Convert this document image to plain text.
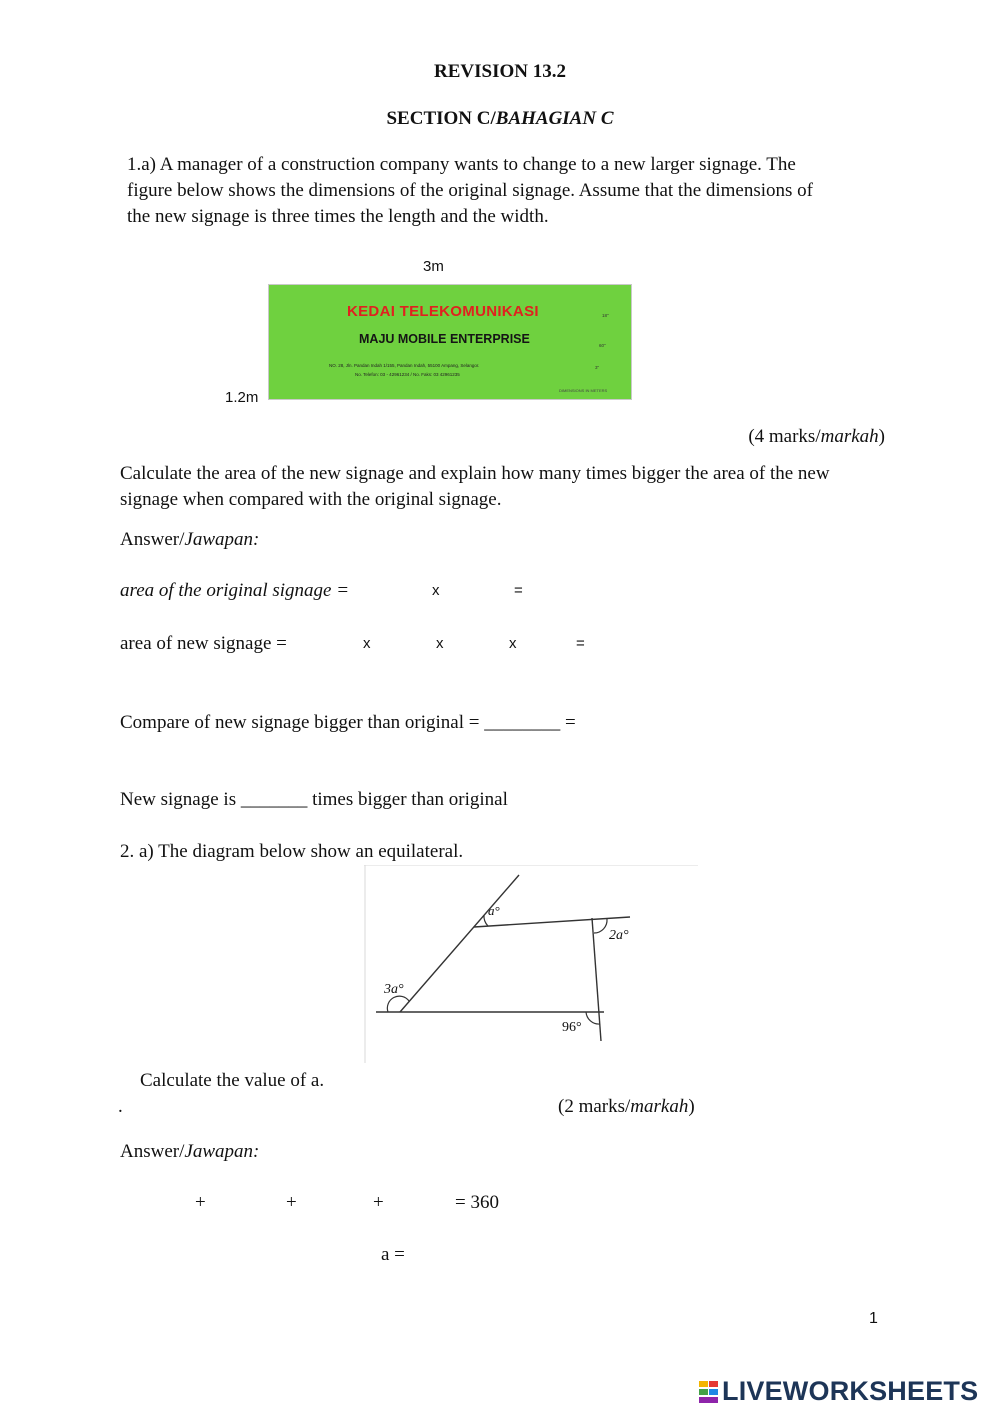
REVISION 13.2
SECTION C/BAHAGIAN C
1.a) A manager of a construction company wants to change to a new larger signage. The
figure below shows the dimensions of the original signage. Assume that the dimensions of
the new signage is three times the length and the width.
3m
1.2m
KEDAI TELEKOMUNIKASI
MAJU MOBILE ENTERPRISE
NO. 28, Jln. Pandan Indah 1/155, Pandan Indah, 55100 Ampang, Selangor.
No. Telefon: 03 - 42961234 / No. Faks: 03 42961235
DIMENSIONS IN METERS
18"
60"
3"
(4 marks/markah)
Calculate the area of the new signage and explain how many times bigger the area of the new
signage when compared with the original signage.
Answer/Jawapan:
area of the original signage =	x	=
area of new signage =	x	x	x	=
Compare of new signage bigger than original = ________ =
New signage is _______ times bigger than original
2. a) The diagram below show an equilateral.
a°
2a°
3a°
96°
Calculate the value of a.
.	(2 marks/markah)
Answer/Jawapan:
+	+	+	= 360
a =
1
LIVEWORKSHEETS
